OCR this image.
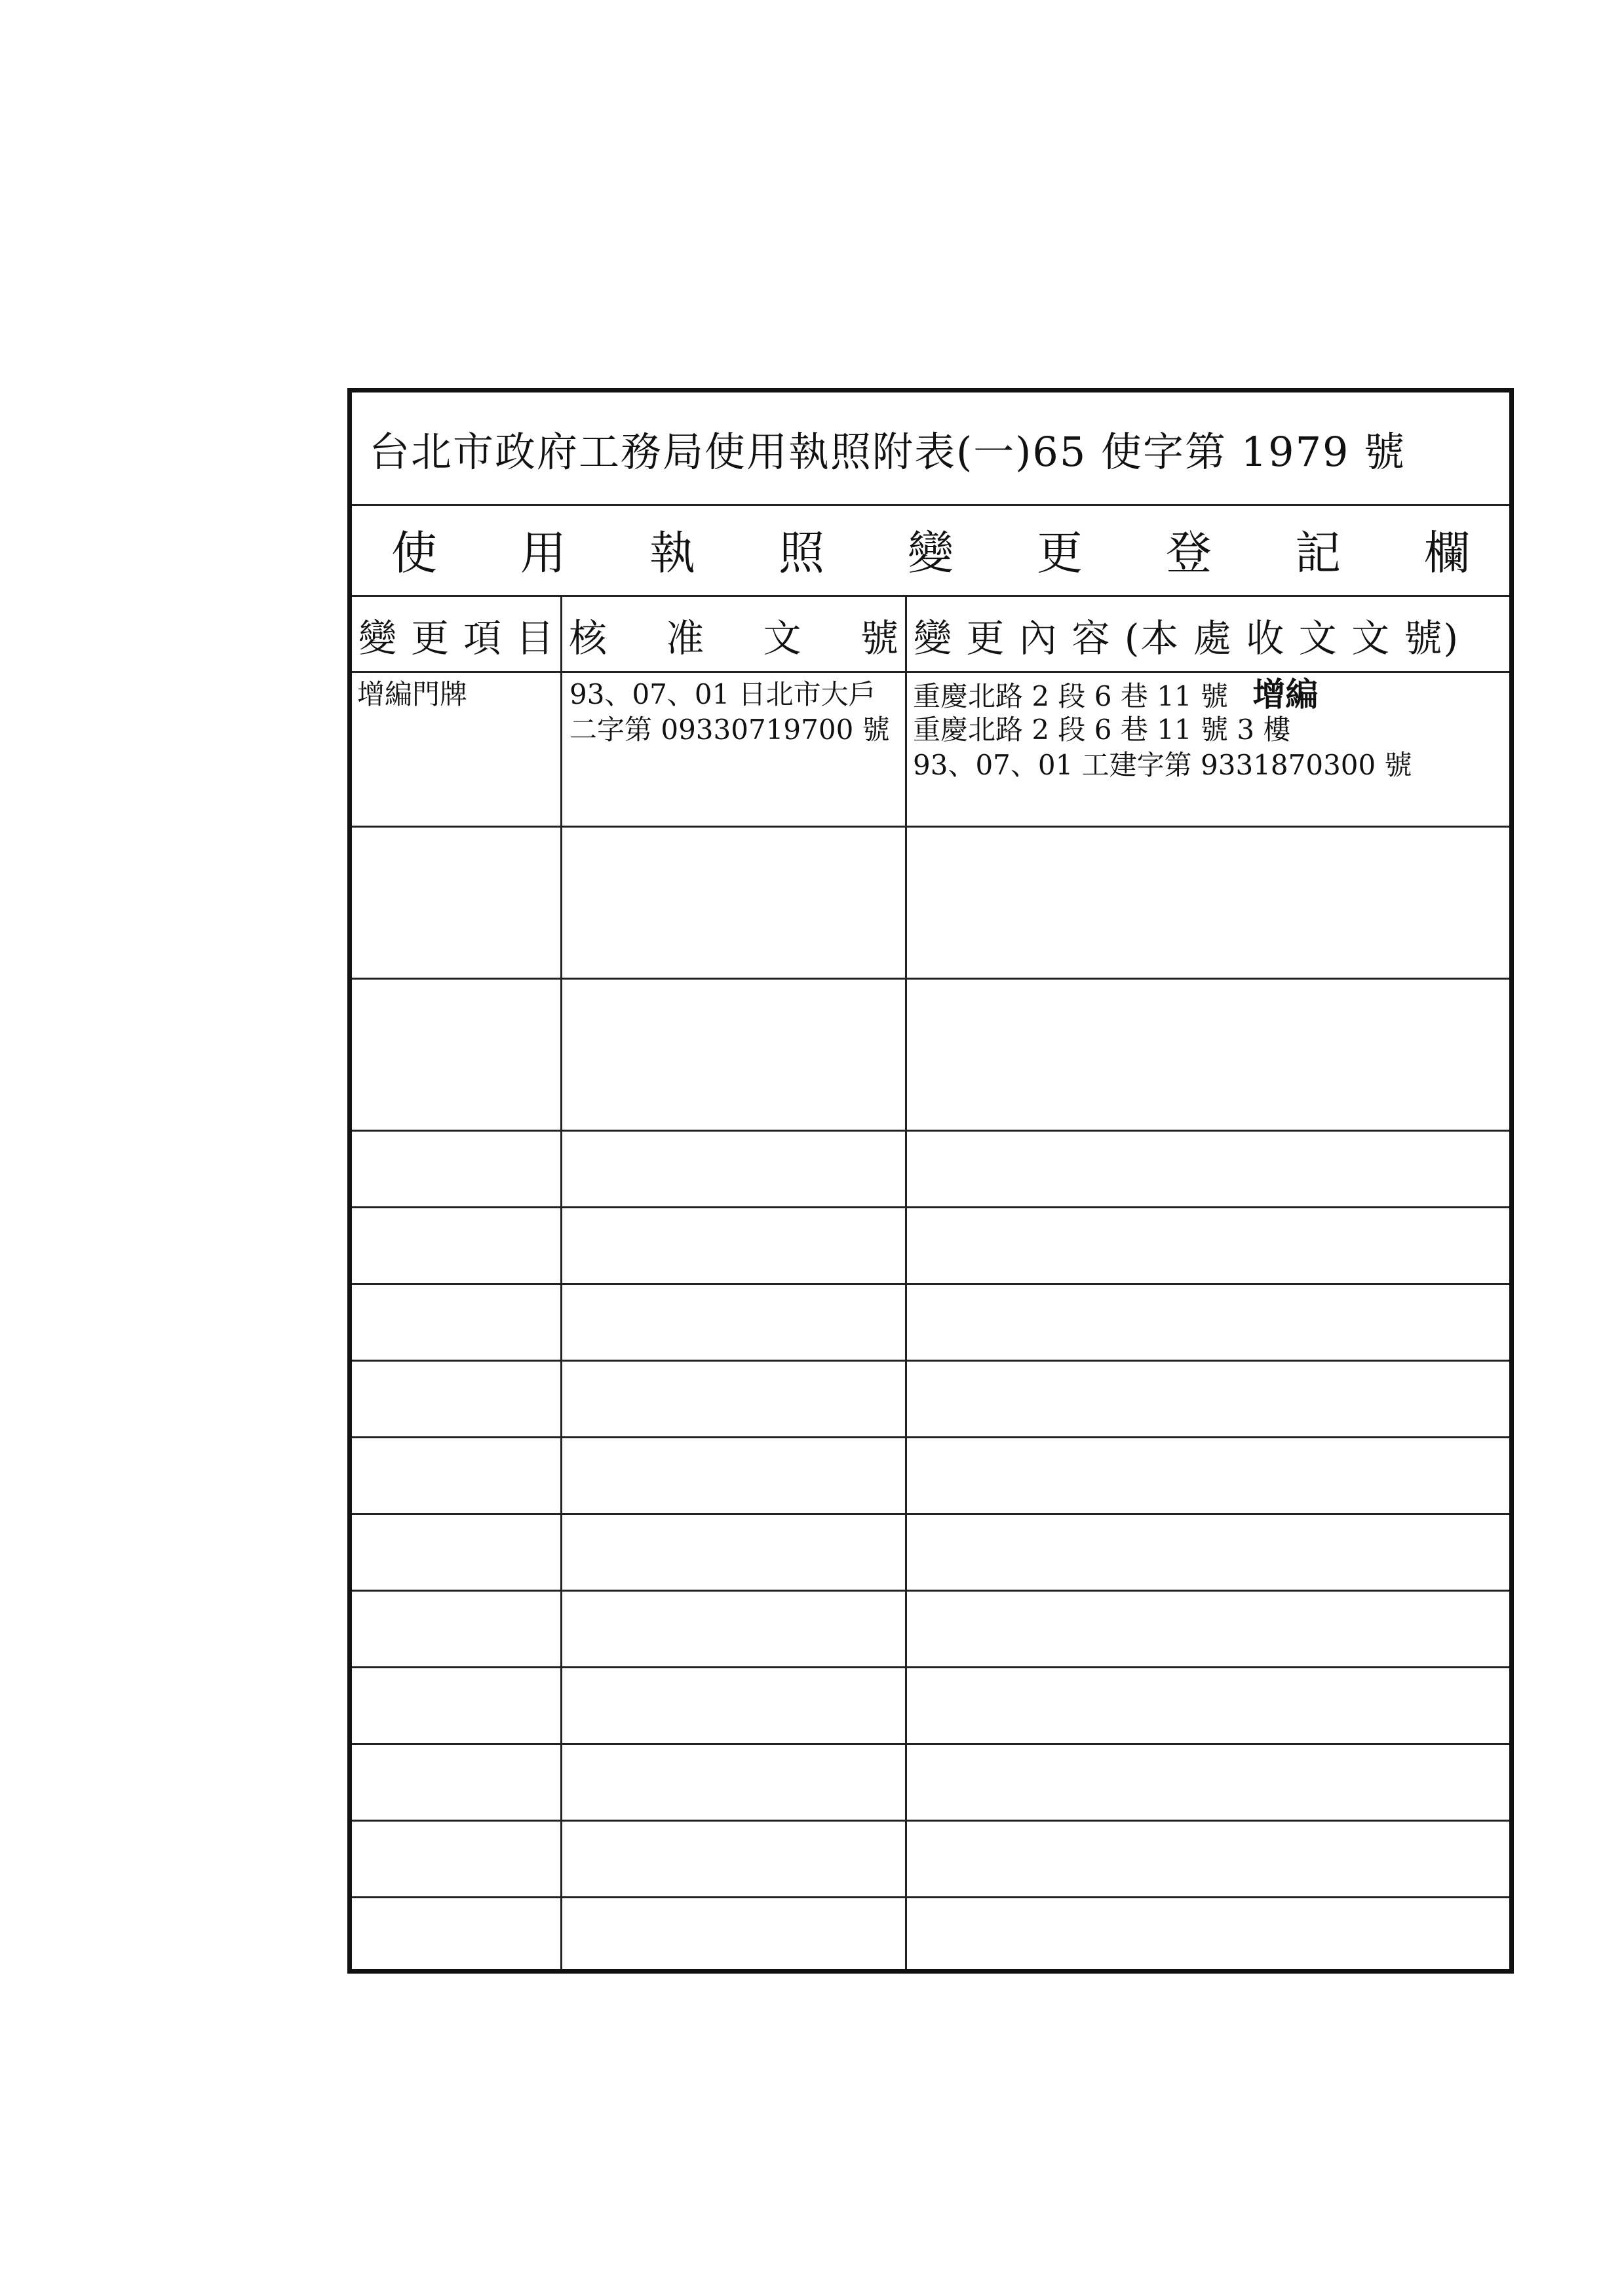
台北市政府工務局使用執照附表(一)65 使字第 1979 號
使 用 執 照 變 更 登 記 欄
變 更 項 目 核 准 文 號 變 更 內 容 (本 處 收 文 文 號)
增編門牌	93、07、01 日北市大戶
二字第 09330719700 號
重慶北路 2 段 6 巷 11 號 增編
重慶北路 2 段 6 巷 11 號 3 樓
93、07、01 工建字第 9331870300 號
